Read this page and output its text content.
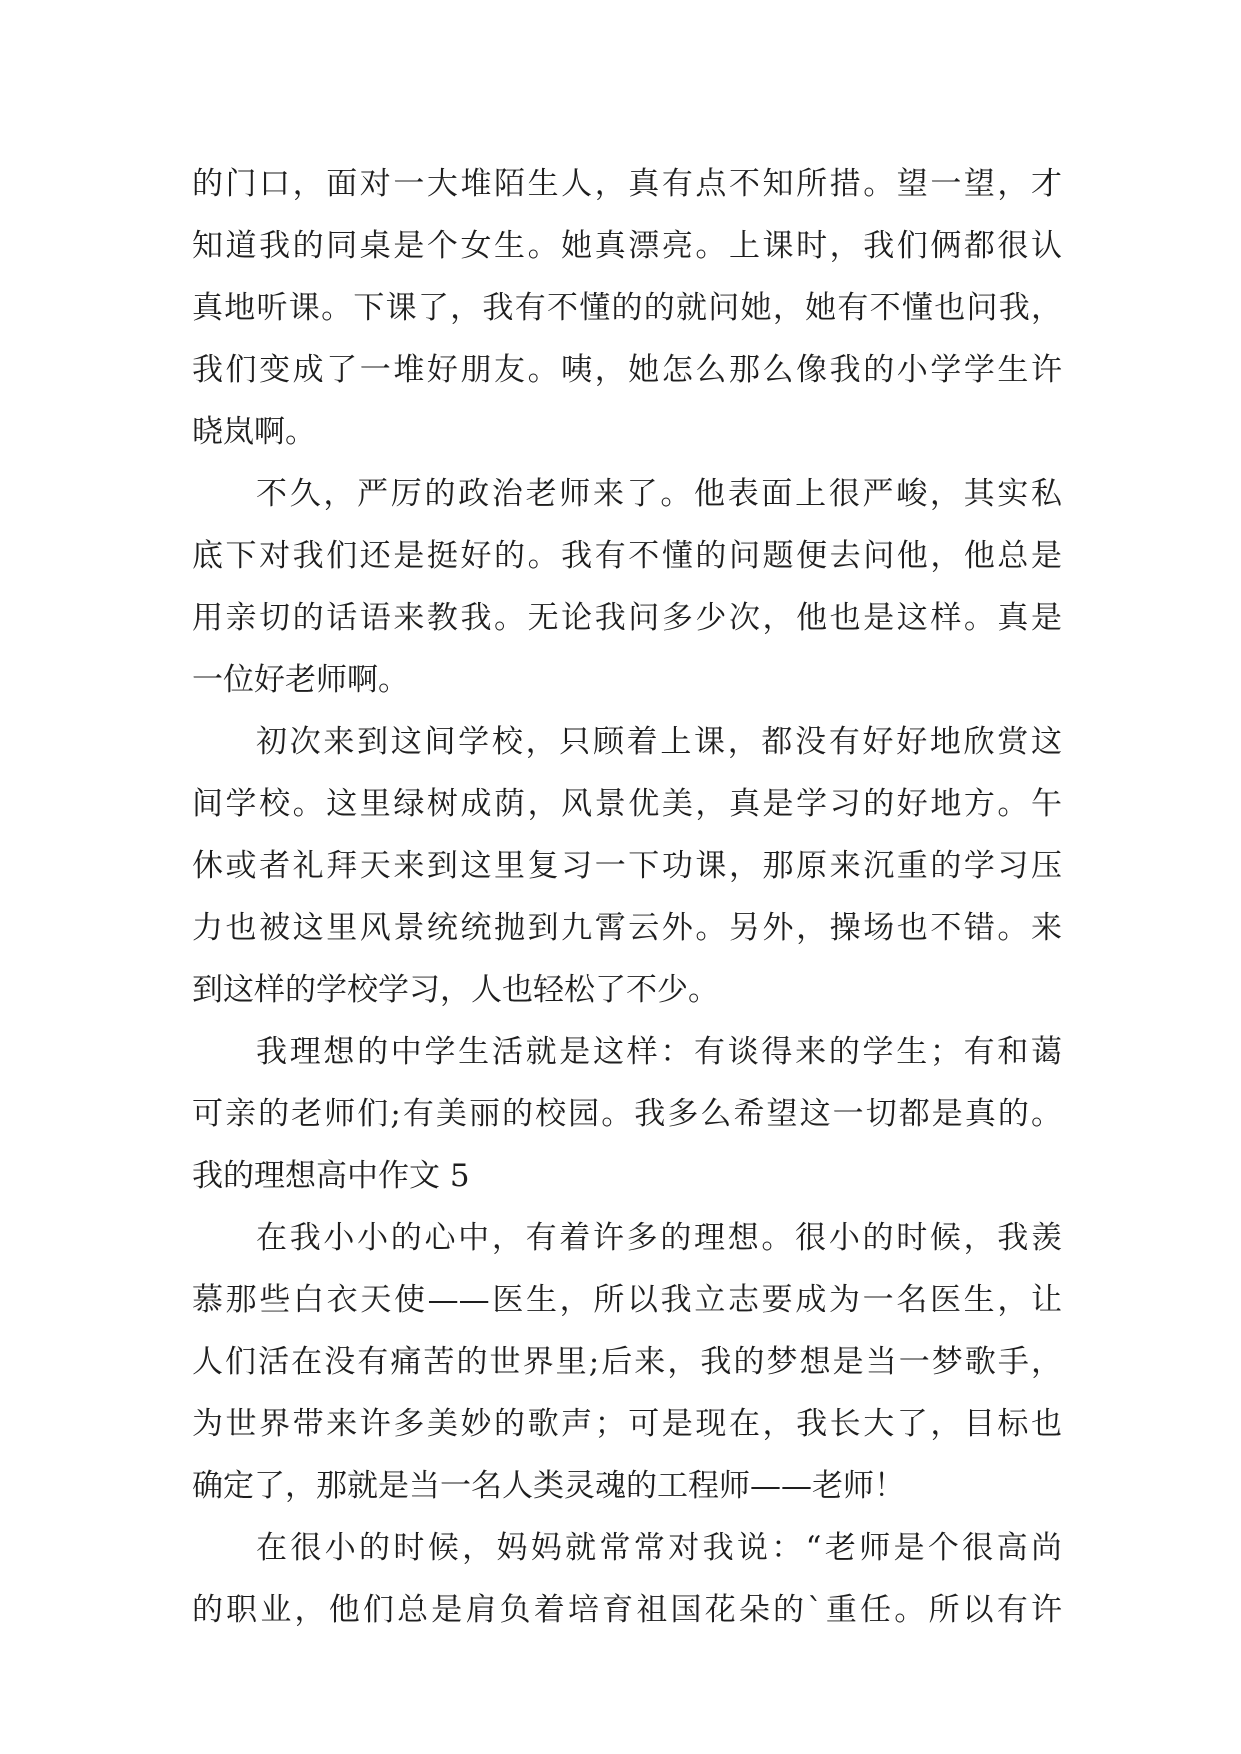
的门口，面对一大堆陌生人，真有点不知所措。望一望，才
知道我的同桌是个女生。她真漂亮。上课时，我们俩都很认
真地听课。下课了，我有不懂的的就问她，她有不懂也问我，
我们变成了一堆好朋友。咦，她怎么那么像我的小学学生许
晓岚啊。
不久，严厉的政治老师来了。他表面上很严峻，其实私
底下对我们还是挺好的。我有不懂的问题便去问他，他总是
用亲切的话语来教我。无论我问多少次，他也是这样。真是
一位好老师啊。
初次来到这间学校，只顾着上课，都没有好好地欣赏这
间学校。这里绿树成荫，风景优美，真是学习的好地方。午
休或者礼拜天来到这里复习一下功课，那原来沉重的学习压
力也被这里风景统统抛到九霄云外。另外，操场也不错。来
到这样的学校学习，人也轻松了不少。
我理想的中学生活就是这样：有谈得来的学生；有和蔼
可亲的老师们;有美丽的校园。我多么希望这一切都是真的。
我的理想高中作文 5
在我小小的心中，有着许多的理想。很小的时候，我羡
慕那些白衣天使——医生，所以我立志要成为一名医生，让
人们活在没有痛苦的世界里;后来，我的梦想是当一梦歌手，
为世界带来许多美妙的歌声；可是现在，我长大了，目标也
确定了，那就是当一名人类灵魂的工程师——老师！
在很小的时候，妈妈就常常对我说：“老师是个很高尚
的职业，他们总是肩负着培育祖国花朵的`重任。所以有许
